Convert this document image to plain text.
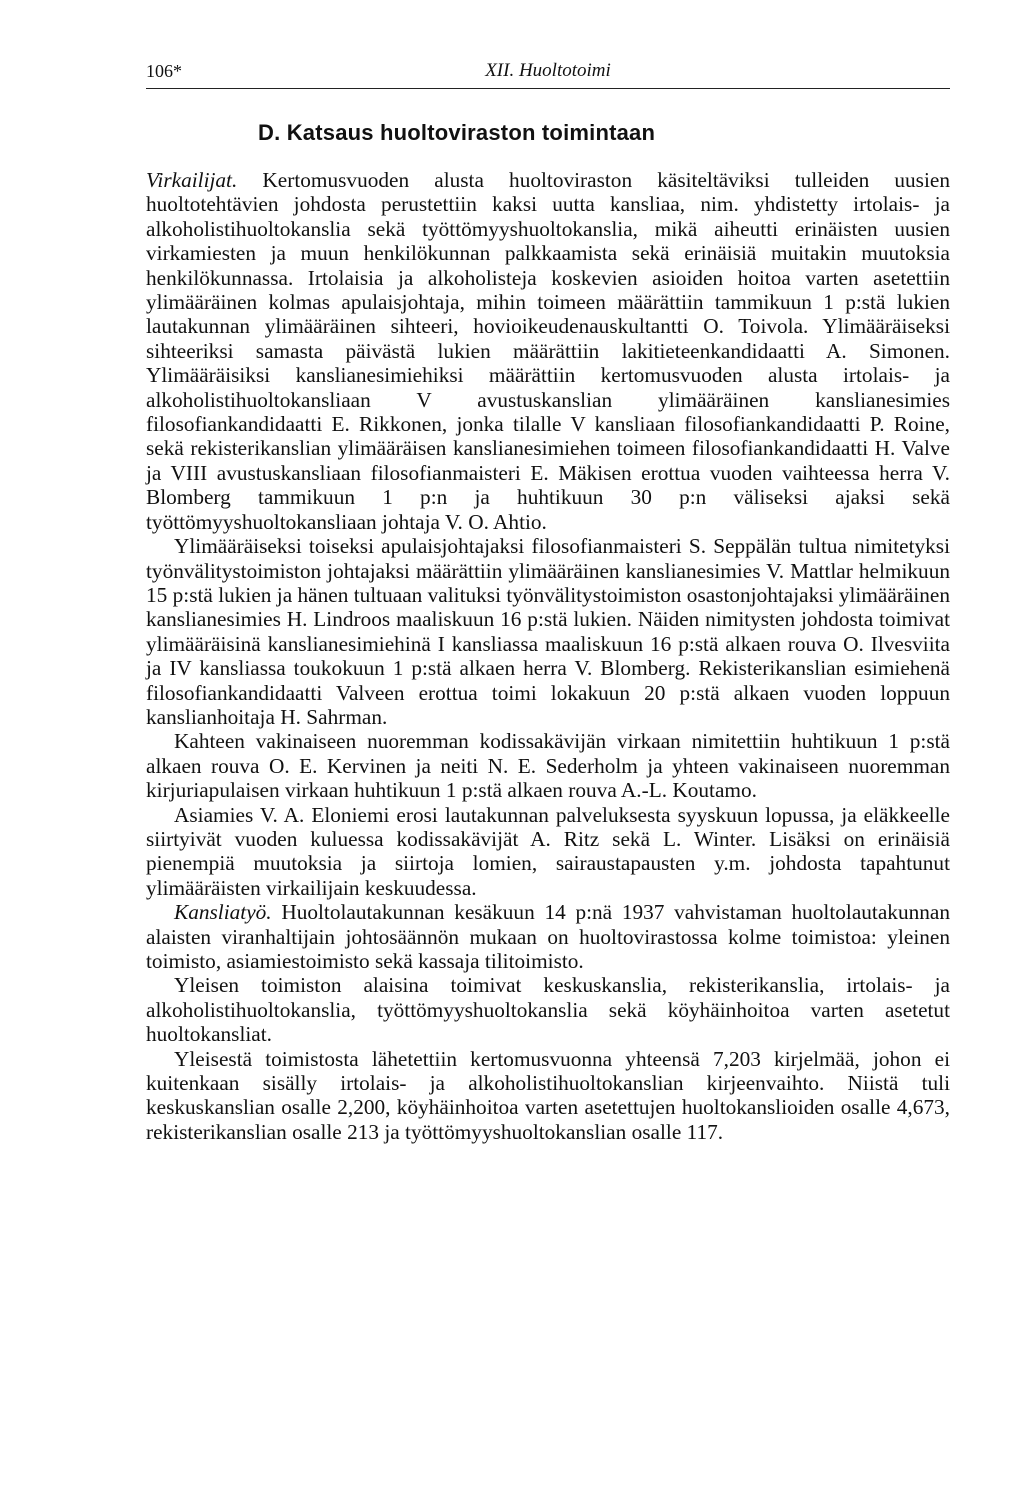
106*	XII. Huoltotoimi
D. Katsaus huoltoviraston toimintaan

Virkailijat. Kertomusvuoden alusta huoltoviraston käsiteltäviksi tulleiden uusien huoltotehtävien johdosta perustettiin kaksi uutta kansliaa, nim. yhdistetty irtolais- ja alkoholistihuoltokanslia sekä työttömyyshuoltokanslia, mikä aiheutti erinäisten uusien virkamiesten ja muun henkilökunnan palkkaamista sekä erinäisiä muitakin muutoksia henkilökunnassa. Irtolaisia ja alkoholisteja koskevien asioiden hoitoa varten asetettiin ylimääräinen kolmas apulaisjohtaja, mihin toimeen määrättiin tammikuun 1 p:stä lukien lautakunnan ylimääräinen sihteeri, hovioikeudenauskultantti O. Toivola. Ylimääräiseksi sihteeriksi samasta päivästä lukien määrättiin lakitieteenkandidaatti A. Simonen. Ylimääräisiksi kanslianesimiehiksi määrättiin kertomusvuoden alusta irtolais- ja alkoholistihuoltokansliaan V avustuskanslian ylimääräinen kanslianesimies filosofiankandidaatti E. Rikkonen, jonka tilalle V kansliaan filosofiankandidaatti P. Roine, sekä rekisterikanslian ylimääräisen kanslianesimiehen toimeen filosofiankandidaatti H. Valve ja VIII avustuskansliaan filosofianmaisteri E. Mäkisen erottua vuoden vaihteessa herra V. Blomberg tammikuun 1 p:n ja huhtikuun 30 p:n väliseksi ajaksi sekä työttömyyshuoltokansliaan johtaja V. O. Ahtio.

Ylimääräiseksi toiseksi apulaisjohtajaksi filosofianmaisteri S. Seppälän tultua nimitetyksi työnvälitystoimiston johtajaksi määrättiin ylimääräinen kanslianesimies V. Mattlar helmikuun 15 p:stä lukien ja hänen tultuaan valituksi työnvälitystoimiston osastonjohtajaksi ylimääräinen kanslianesimies H. Lindroos maaliskuun 16 p:stä lukien. Näiden nimitysten johdosta toimivat ylimääräisinä kanslianesimiehinä I kansliassa maaliskuun 16 p:stä alkaen rouva O. Ilvesviita ja IV kansliassa toukokuun 1 p:stä alkaen herra V. Blomberg. Rekisterikanslian esimiehenä filosofiankandidaatti Valveen erottua toimi lokakuun 20 p:stä alkaen vuoden loppuun kanslianhoitaja H. Sahrman.

Kahteen vakinaiseen nuoremman kodissakävijän virkaan nimitettiin huhtikuun 1 p:stä alkaen rouva O. E. Kervinen ja neiti N. E. Sederholm ja yhteen vakinaiseen nuoremman kirjuriapulaisen virkaan huhtikuun 1 p:stä alkaen rouva A.-L. Koutamo.

Asiamies V. A. Eloniemi erosi lautakunnan palveluksesta syyskuun lopussa, ja eläkkeelle siirtyivät vuoden kuluessa kodissakävijät A. Ritz sekä L. Winter. Lisäksi on erinäisiä pienempiä muutoksia ja siirtoja lomien, sairaustapausten y.m. johdosta tapahtunut ylimääräisten virkailijain keskuudessa.

Kansliatyö. Huoltolautakunnan kesäkuun 14 p:nä 1937 vahvistaman huoltolautakunnan alaisten viranhaltijain johtosäännön mukaan on huoltovirastossa kolme toimistoa: yleinen toimisto, asiamiestoimisto sekä kassaja tilitoimisto.

Yleisen toimiston alaisina toimivat keskuskanslia, rekisterikanslia, irtolais- ja alkoholistihuoltokanslia, työttömyyshuoltokanslia sekä köyhäinhoitoa varten asetetut huoltokansliat.

Yleisestä toimistosta lähetettiin kertomusvuonna yhteensä 7,203 kirjelmää, johon ei kuitenkaan sisälly irtolais- ja alkoholistihuoltokanslian kirjeenvaihto. Niistä tuli keskuskanslian osalle 2,200, köyhäinhoitoa varten asetettujen huoltokanslioiden osalle 4,673, rekisterikanslian osalle 213 ja työttömyyshuoltokanslian osalle 117.
